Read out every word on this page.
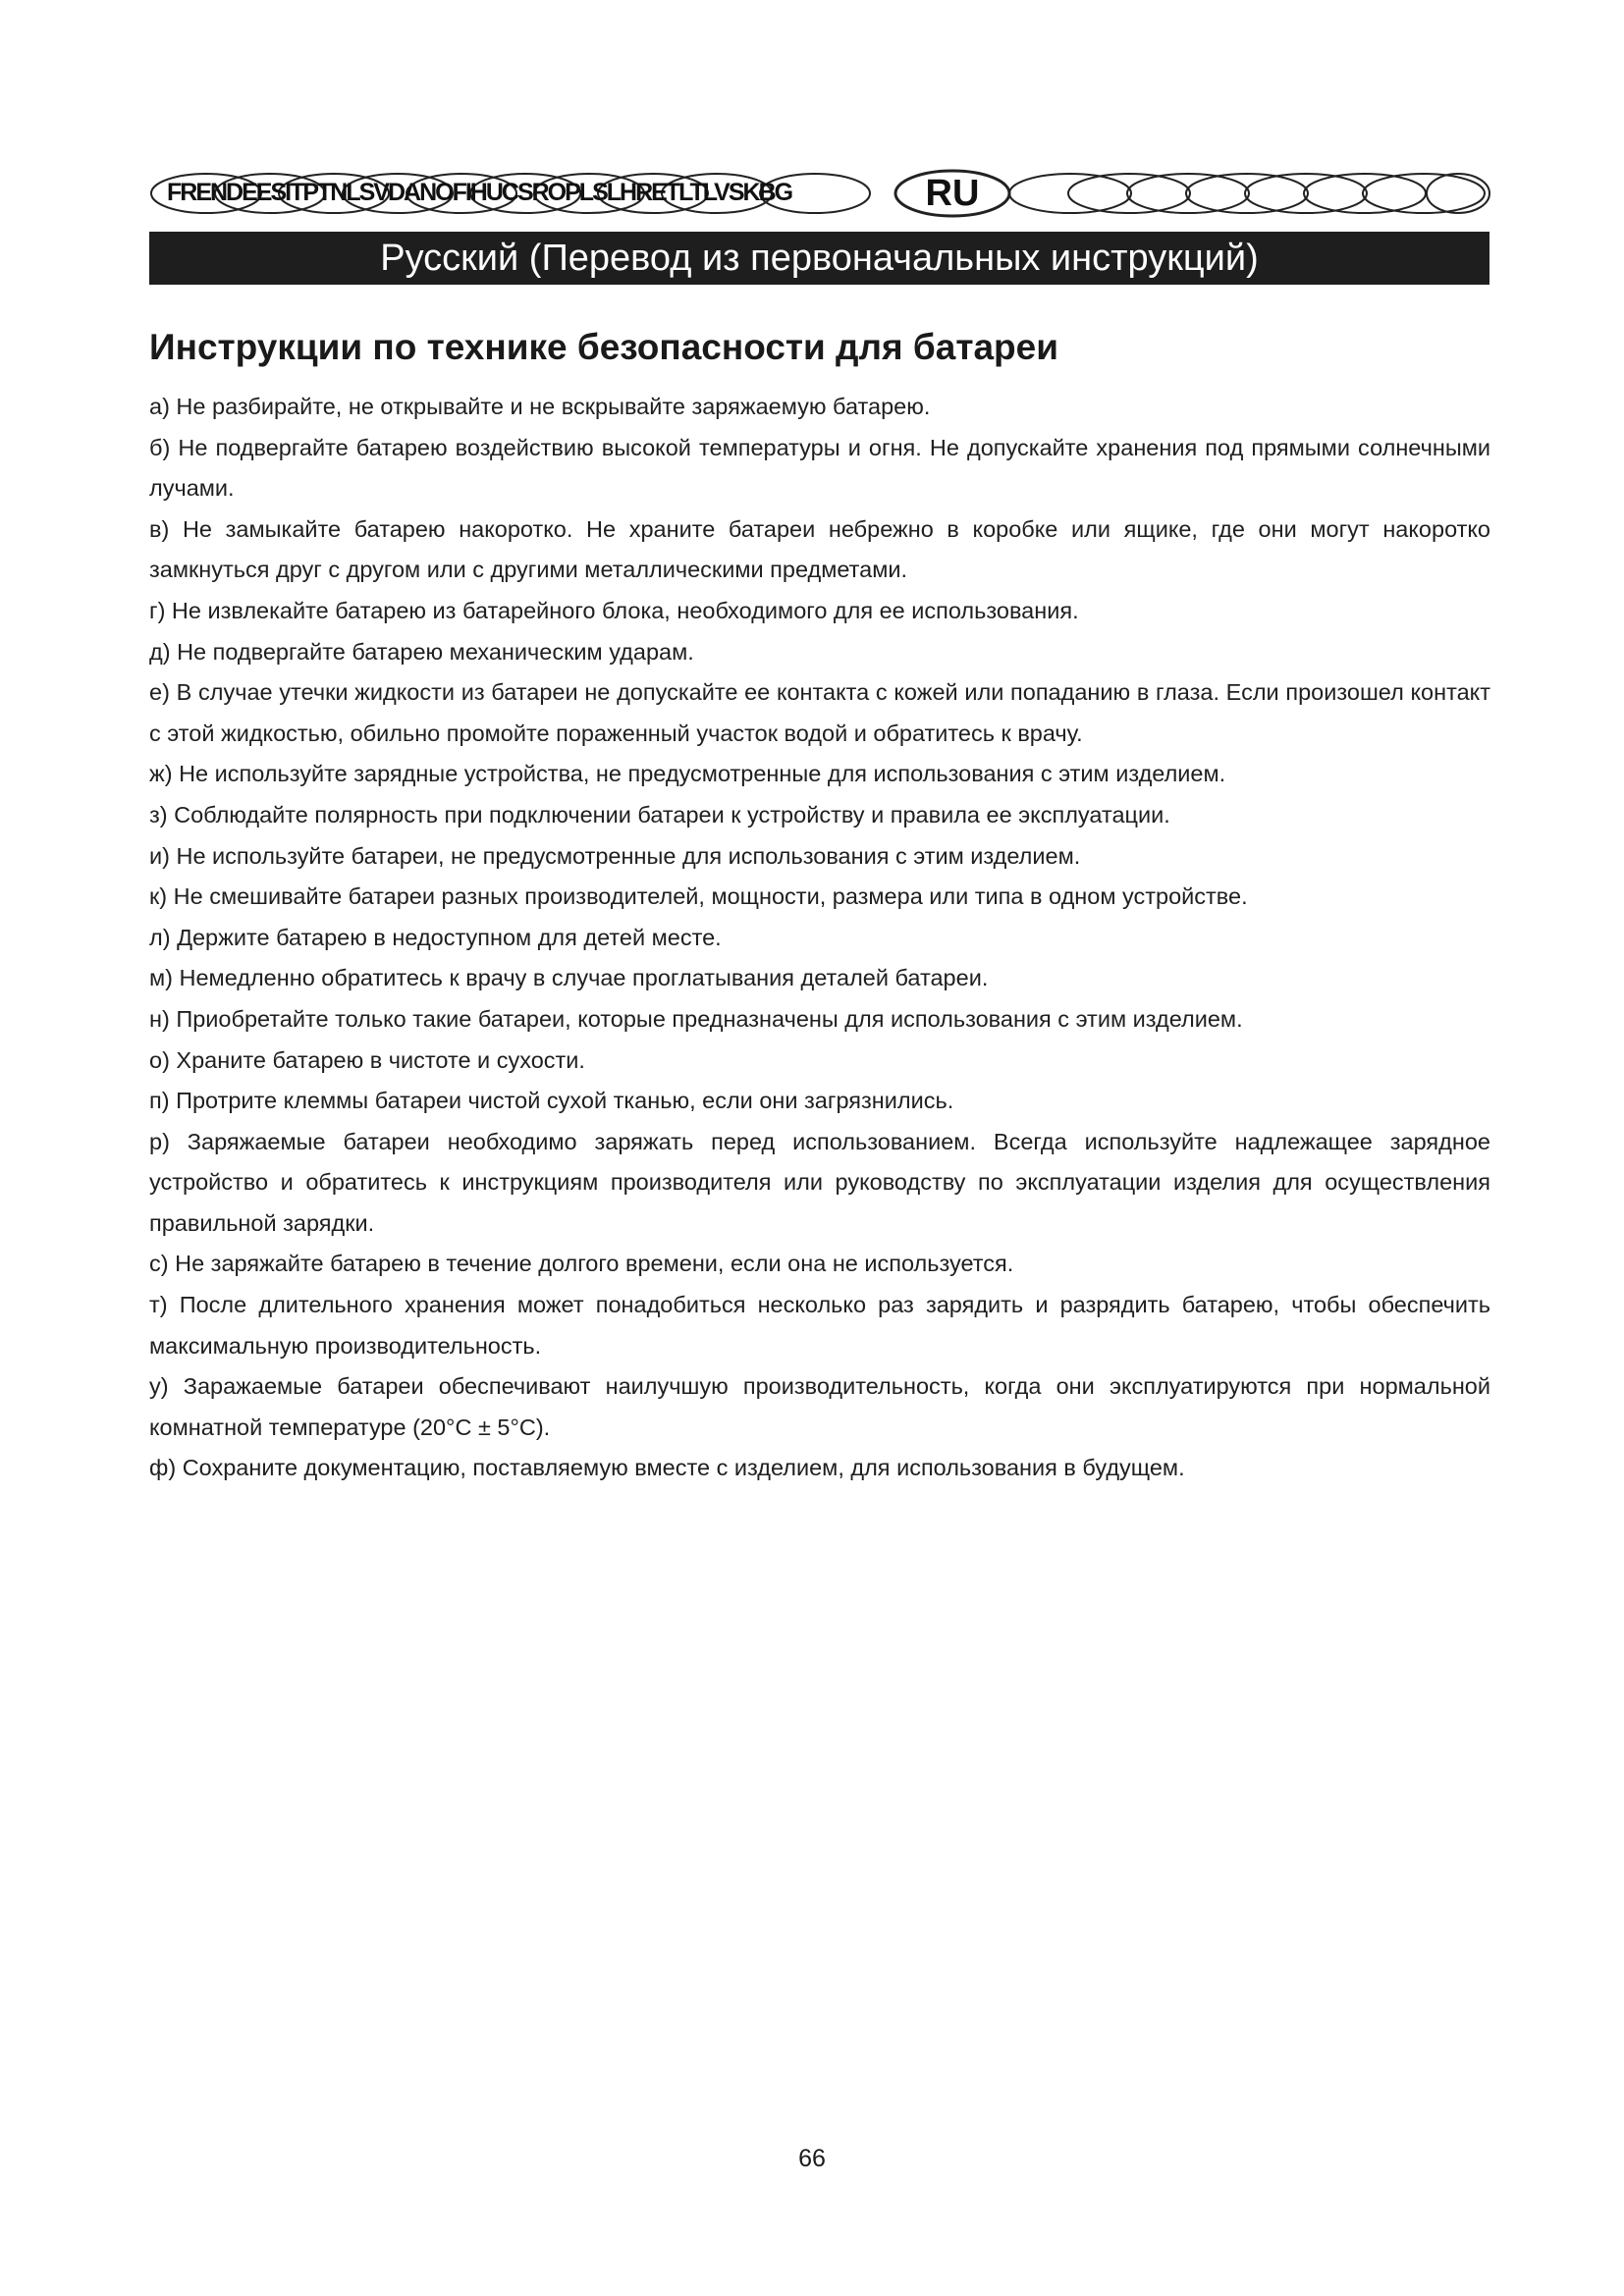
FRENDEESITPTNLSVDANOFIHUCSROPLSLHRETLTLVSKBG	RU
Русский (Перевод из первоначальных инструкций)
Инструкции по технике безопасности для батареи
а) Не разбирайте, не открывайте и не вскрывайте заряжаемую батарею.
б) Не подвергайте батарею воздействию высокой температуры и огня. Не допускайте хранения под прямыми солнечными лучами.
в) Не замыкайте батарею накоротко. Не храните батареи небрежно в коробке или ящике, где они могут накоротко замкнуться друг с другом или с другими металлическими предметами.
г) Не извлекайте батарею из батарейного блока, необходимого для ее использования.
д) Не подвергайте батарею механическим ударам.
е) В случае утечки жидкости из батареи не допускайте ее контакта с кожей или попаданию в глаза. Если произошел контакт с этой жидкостью, обильно промойте пораженный участок водой и обратитесь к врачу.
ж) Не используйте зарядные устройства, не предусмотренные для использования с этим изделием.
з) Соблюдайте полярность при подключении батареи к устройству и правила ее эксплуатации.
и) Не используйте батареи, не предусмотренные для использования с этим изделием.
к) Не смешивайте батареи разных производителей, мощности, размера или типа в одном устройстве.
л) Держите батарею в недоступном для детей месте.
м) Немедленно обратитесь к врачу в случае проглатывания деталей батареи.
н) Приобретайте только такие батареи, которые предназначены для использования с этим изделием.
о) Храните батарею в чистоте и сухости.
п) Протрите клеммы батареи чистой сухой тканью, если они загрязнились.
р) Заряжаемые батареи необходимо заряжать перед использованием. Всегда используйте надлежащее зарядное устройство и обратитесь к инструкциям производителя или руководству по эксплуатации изделия для осуществления правильной зарядки.
с) Не заряжайте батарею в течение долгого времени, если она не используется.
т) После длительного хранения может понадобиться несколько раз зарядить и разрядить батарею, чтобы обеспечить максимальную производительность.
у) Заражаемые батареи обеспечивают наилучшую производительность, когда они эксплуатируются при нормальной комнатной температуре (20°C ± 5°C).
ф) Сохраните документацию, поставляемую вместе с изделием, для использования в будущем.
66
